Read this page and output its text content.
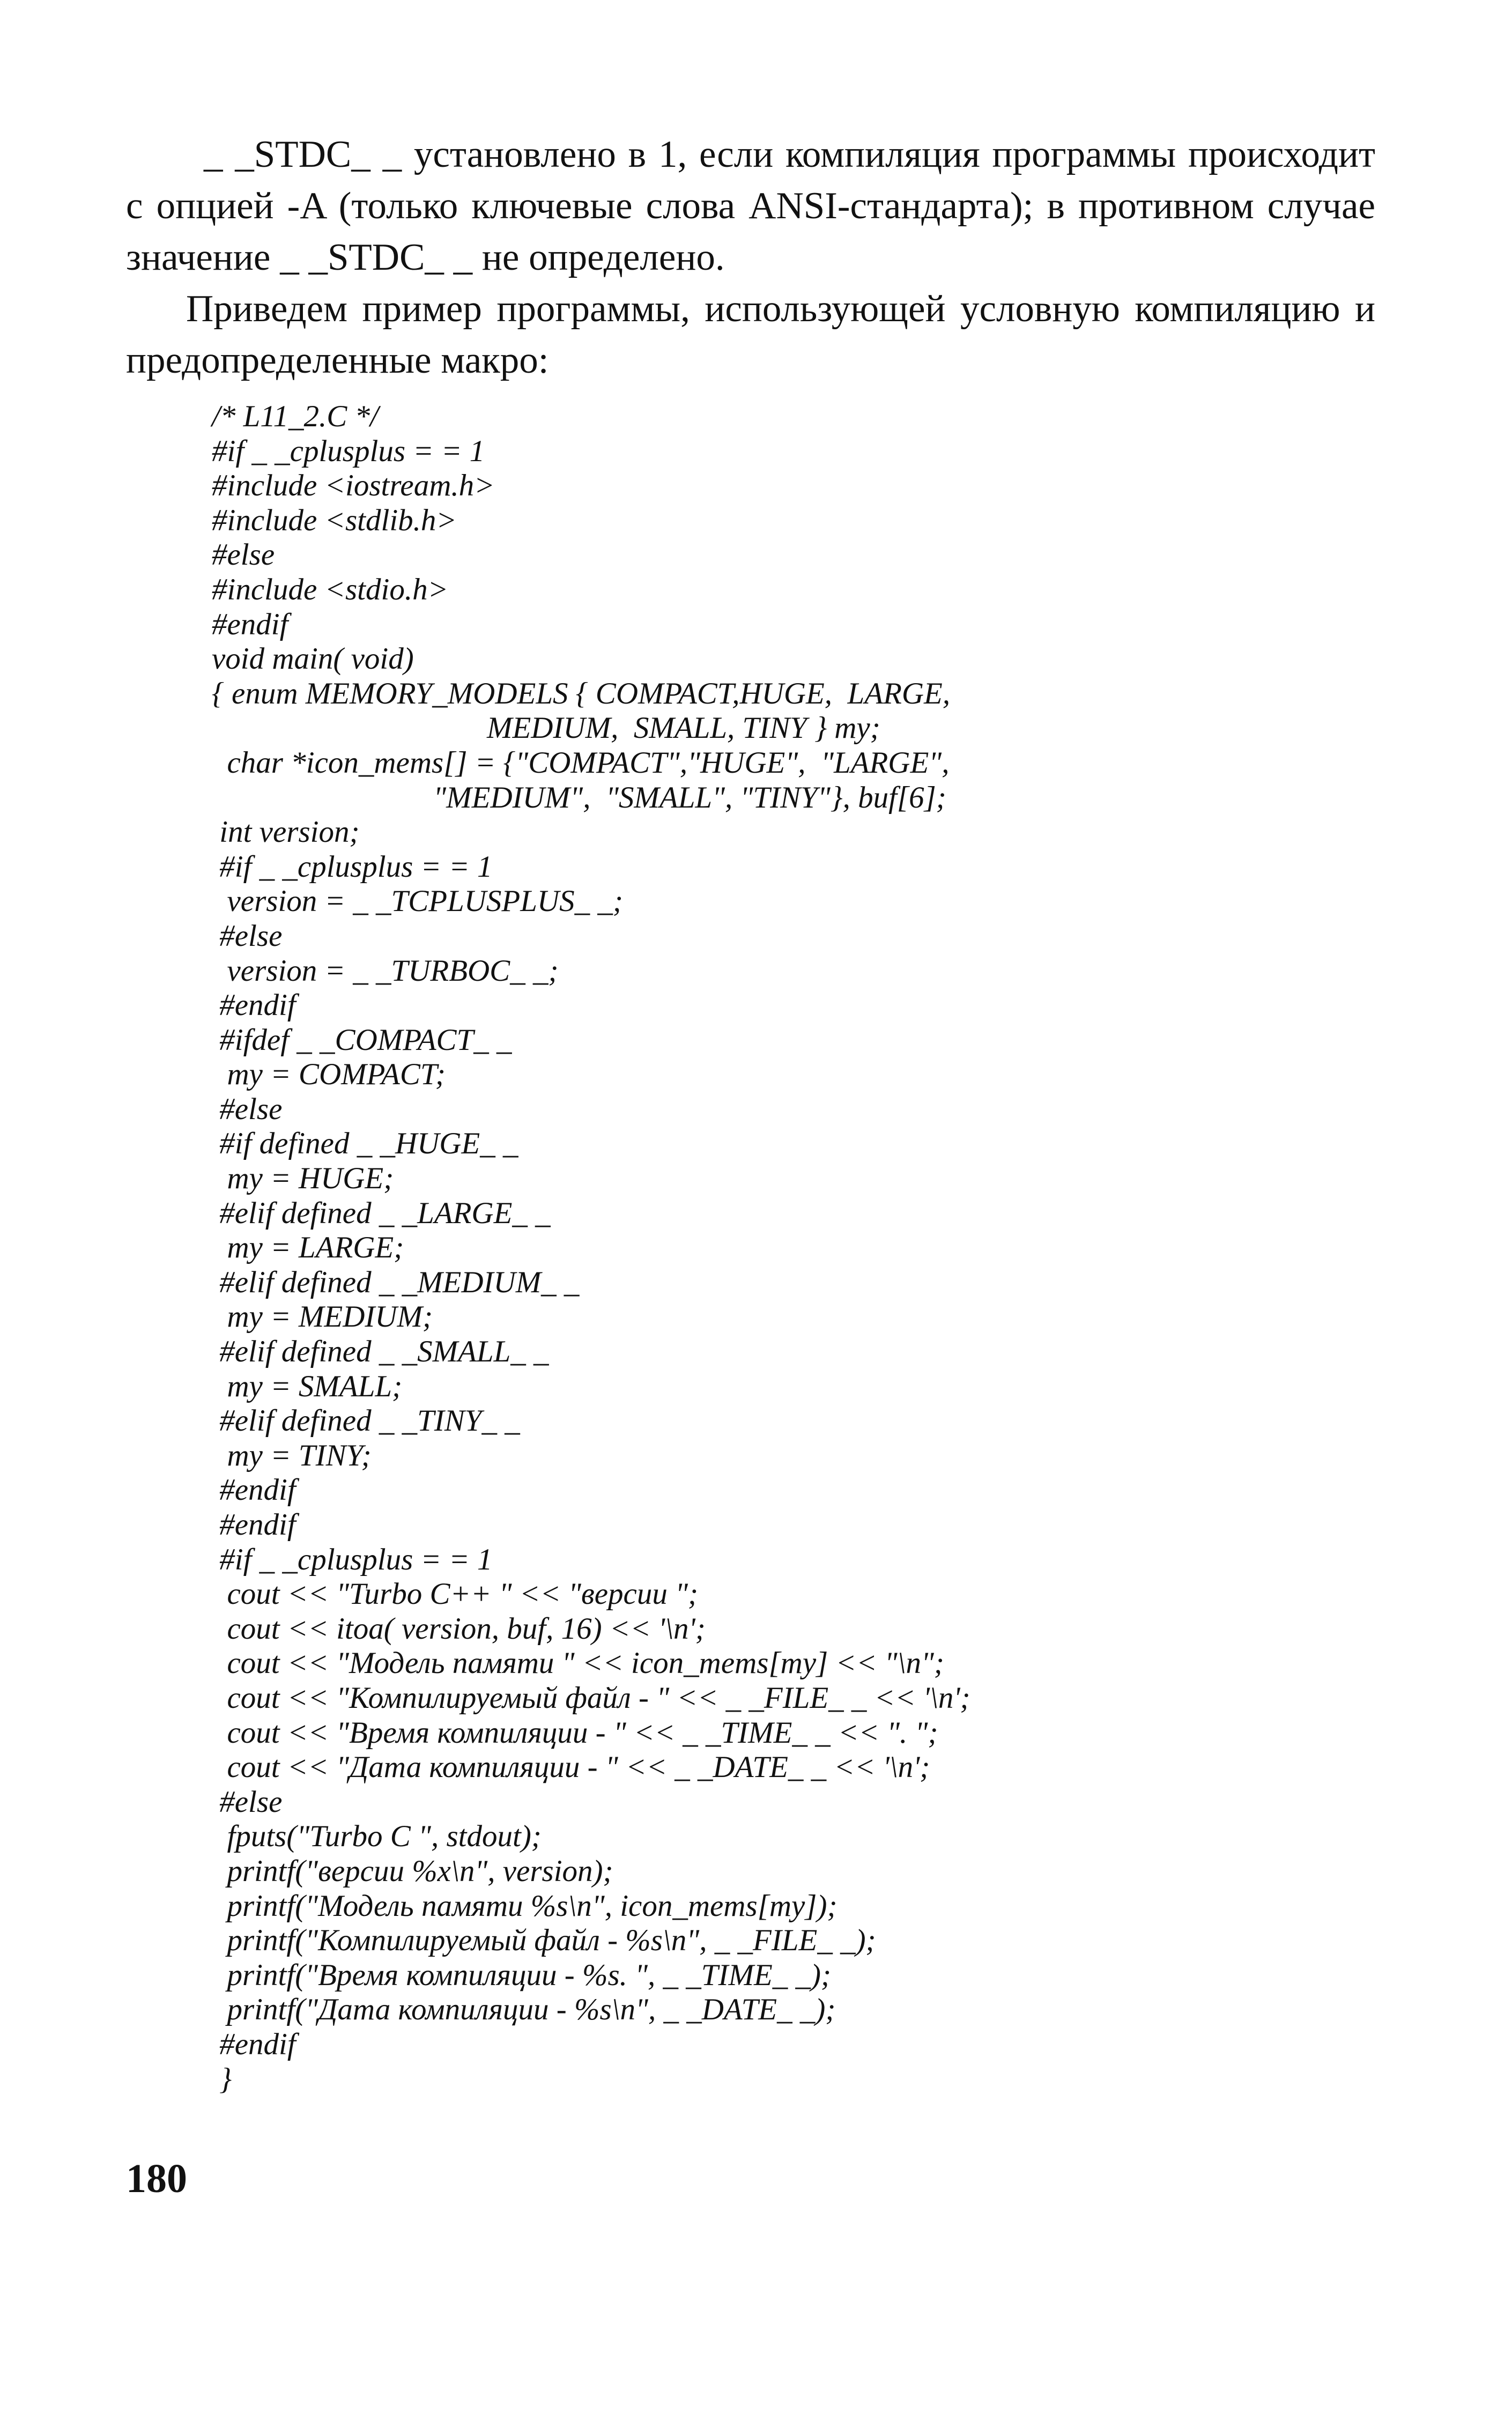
_ _STDC_ _ установлено в 1, если компиляция программы происходит с опцией -A (только ключевые слова ANSI-стандарта); в противном случае значение _ _STDC_ _ не определено.

Приведем пример программы, использующей условную компиляцию и предопределенные макро:

/* L11_2.C */
#if _ _cplusplus = = 1
#include <iostream.h>
#include <stdlib.h>
#else
#include <stdio.h>
#endif
void main( void)
{ enum MEMORY_MODELS { COMPACT,HUGE,  LARGE,
MEDIUM,  SMALL, TINY } my;
char *icon_mems[] = {"COMPACT","HUGE",  "LARGE",
"MEDIUM",  "SMALL", "TINY"}, buf[6];
int version;
#if _ _cplusplus = = 1
version = _ _TCPLUSPLUS_ _;
#else
version = _ _TURBOC_ _;
#endif
#ifdef _ _COMPACT_ _
my = COMPACT;
#else
#if defined _ _HUGE_ _
my = HUGE;
#elif defined _ _LARGE_ _
my = LARGE;
#elif defined _ _MEDIUM_ _
my = MEDIUM;
#elif defined _ _SMALL_ _
my = SMALL;
#elif defined _ _TINY_ _
my = TINY;
#endif
#endif
#if _ _cplusplus = = 1
cout << "Turbo C++ " << "версии ";
cout << itoa( version, buf, 16) << '\n';
cout << "Модель памяти " << icon_mems[my] << "\n";
cout << "Компилируемый файл - " << _ _FILE_ _ << '\n';
cout << "Время компиляции - " << _ _TIME_ _ << ". ";
cout << "Дата компиляции - " << _ _DATE_ _ << '\n';
#else
fputs("Turbo C ", stdout);
printf("версии %x\n", version);
printf("Модель памяти %s\n", icon_mems[my]);
printf("Компилируемый файл - %s\n", _ _FILE_ _);
printf("Время компиляции - %s. ", _ _TIME_ _);
printf("Дата компиляции - %s\n", _ _DATE_ _);
#endif
}
180
